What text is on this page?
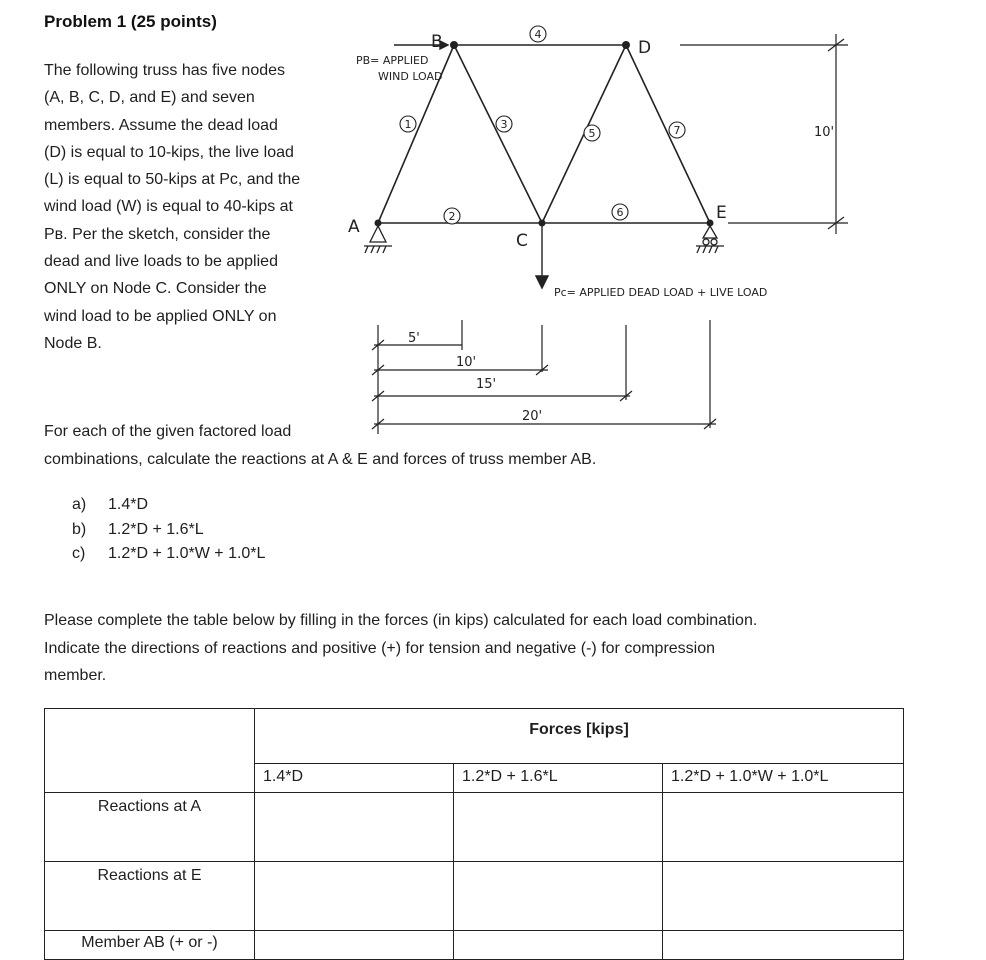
Problem 1 (25 points)
The following truss has five nodes
(A, B, C, D, and E) and seven
members. Assume the dead load
(D) is equal to 10-kips, the live load
(L) is equal to 50-kips at Pᴄ, and the
wind load (W) is equal to 40-kips at
Pʙ. Per the sketch, consider the
dead and live loads to be applied
ONLY on Node C. Consider the
wind load to be applied ONLY on
Node B.
1
2
3
4
5
6
7
A
B
C
D
E
PB= APPLIED
WIND LOAD
Pc= APPLIED DEAD LOAD + LIVE LOAD
10'
5'
10'
15'
20'
For each of the given factored load
combinations, calculate the reactions at A & E and forces of truss member AB.
a) 1.4*D
b) 1.2*D + 1.6*L
c) 1.2*D + 1.0*W + 1.0*L
Please complete the table below by filling in the forces (in kips) calculated for each load combination.
Indicate the directions of reactions and positive (+) for tension and negative (-) for compression
member.
	Forces [kips]		
	1.4*D	1.2*D + 1.6*L	1.2*D + 1.0*W + 1.0*L
Reactions at A			
Reactions at E			
Member AB (+ or -)			
